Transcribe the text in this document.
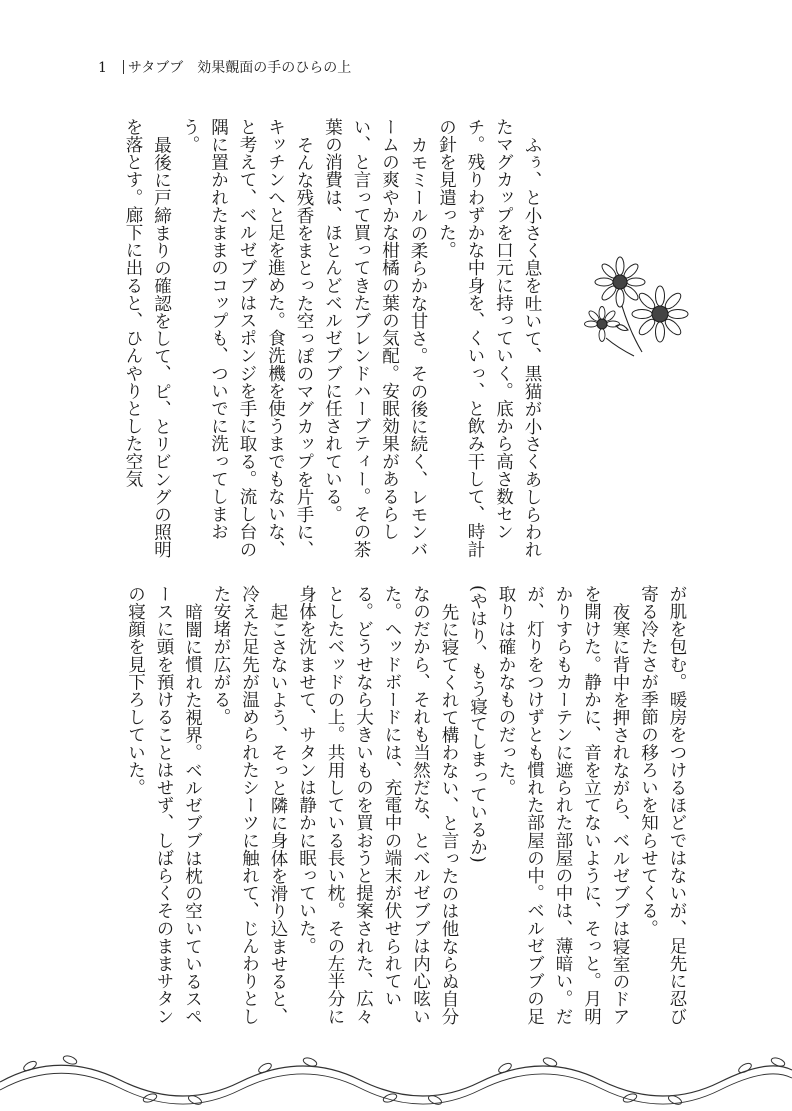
1 サタブブ　効果覿面の手のひらの上

ふぅ、と小さく息を吐いて、黒猫が小さくあしらわれたマグカップを口元に持っていく。底から高さ数センチ。残りわずかな中身を、くいっ、と飲み干して、時計の針を見遣った。

カモミールの柔らかな甘さ。その後に続く、レモンバームの爽やかな柑橘の葉の気配。安眠効果があるらしい、と言って買ってきたブレンドハーブティー。その茶葉の消費は、ほとんどベルゼブブに任されている。

そんな残香をまとった空っぽのマグカップを片手に、キッチンへと足を進めた。食洗機を使うまでもないな、と考えて、ベルゼブブはスポンジを手に取る。流し台の隅に置かれたままのコップも、ついでに洗ってしまおう。

最後に戸締まりの確認をして、ピ、とリビングの照明を落とす。廊下に出ると、ひんやりとした空気

が肌を包む。暖房をつけるほどではないが、足先に忍び寄る冷たさが季節の移ろいを知らせてくる。

夜寒に背中を押されながら、ベルゼブブは寝室のドアを開けた。静かに、音を立てないように、そっと。月明かりすらもカーテンに遮られた部屋の中は、薄暗い。だが、灯りをつけずとも慣れた部屋の中。ベルゼブブの足取りは確かなものだった。

(やはり、もう寝てしまっているか)

先に寝てくれて構わない、と言ったのは他ならぬ自分なのだから、それも当然だな、とベルゼブブは内心呟いた。ヘッドボードには、充電中の端末が伏せられている。どうせなら大きいものを買おうと提案された、広々としたベッドの上。共用している長い枕。その左半分に身体を沈ませて、サタンは静かに眠っていた。

起こさないよう、そっと隣に身体を滑り込ませると、冷えた足先が温められたシーツに触れて、じんわりとした安堵が広がる。

暗闇に慣れた視界。ベルゼブブは枕の空いているスペースに頭を預けることはせず、しばらくそのままサタンの寝顔を見下ろしていた。
